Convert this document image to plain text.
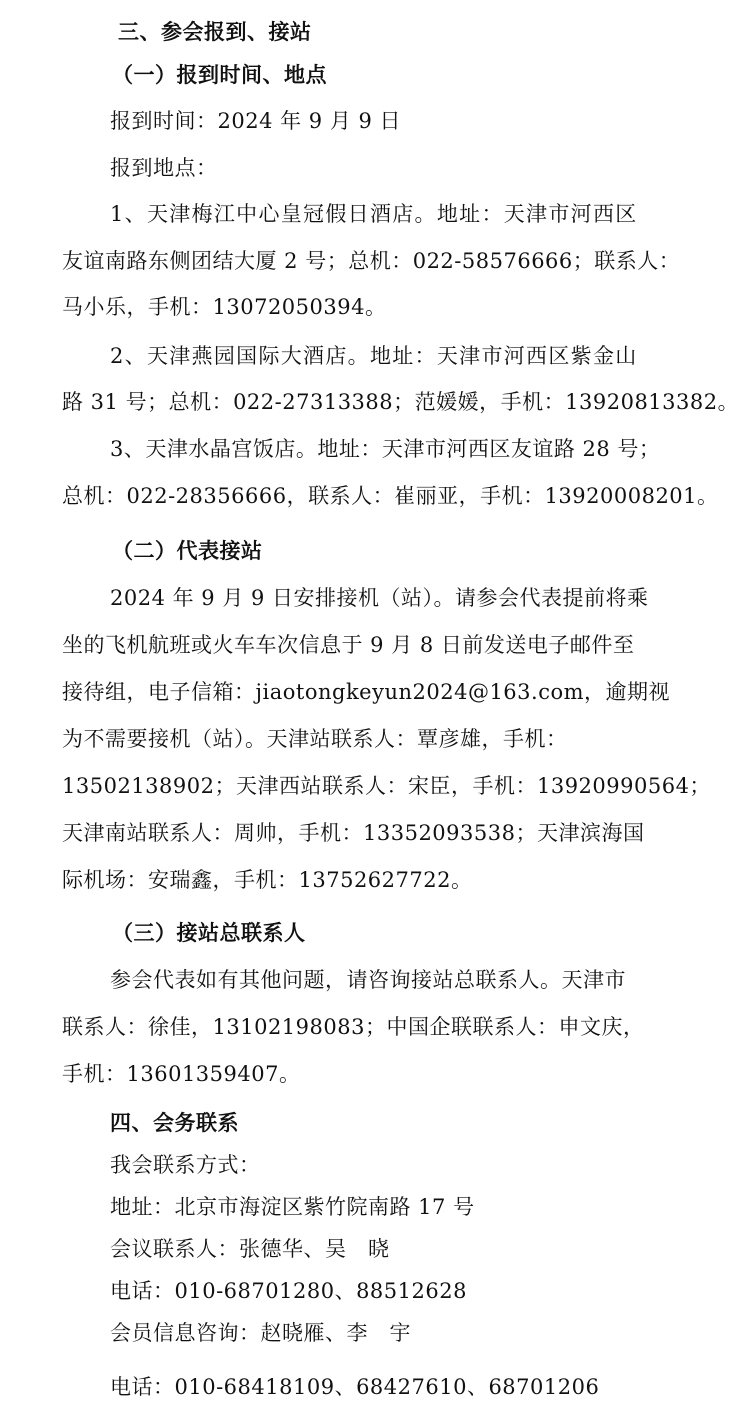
三、参会报到、接站
（一）报到时间、地点
报到时间：2024 年 9 月 9 日
报到地点：
1、天津梅江中心皇冠假日酒店。地址：天津市河西区
友谊南路东侧团结大厦 2 号；总机：022-58576666；联系人：
马小乐，手机：13072050394。
2、天津燕园国际大酒店。地址：天津市河西区紫金山
路 31 号；总机：022-27313388；范媛媛，手机：13920813382。
3、天津水晶宫饭店。地址：天津市河西区友谊路 28 号；
总机：022-28356666，联系人：崔丽亚，手机：13920008201。
（二）代表接站
2024 年 9 月 9 日安排接机（站）。请参会代表提前将乘
坐的飞机航班或火车车次信息于 9 月 8 日前发送电子邮件至
接待组，电子信箱：jiaotongkeyun2024@163.com，逾期视
为不需要接机（站）。天津站联系人：覃彦雄，手机：
13502138902；天津西站联系人：宋臣，手机：13920990564；
天津南站联系人：周帅，手机：13352093538；天津滨海国
际机场：安瑞鑫，手机：13752627722。
（三）接站总联系人
参会代表如有其他问题，请咨询接站总联系人。天津市
联系人：徐佳，13102198083；中国企联联系人：申文庆，
手机：13601359407。
四、会务联系
我会联系方式：
地址：北京市海淀区紫竹院南路 17 号
会议联系人：张德华、吴　晓
电话：010-68701280、88512628
会员信息咨询：赵晓雁、李　宇
电话：010-68418109、68427610、68701206
